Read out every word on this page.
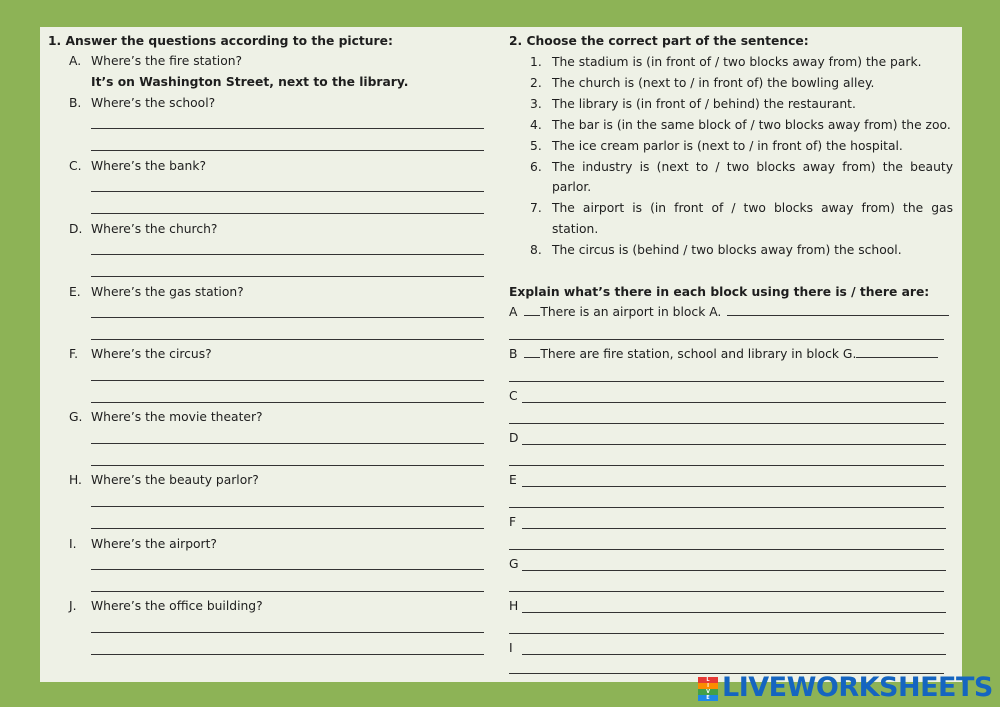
1. Answer the questions according to the picture:
A. Where’s the fire station?
It’s on Washington Street, next to the library.
B. Where’s the school?
C. Where’s the bank?
D. Where’s the church?
E. Where’s the gas station?
F. Where’s the circus?
G. Where’s the movie theater?
H. Where’s the beauty parlor?
I. Where’s the airport?
J. Where’s the office building?
2. Choose the correct part of the sentence:
1. The stadium is (in front of / two blocks away from) the park.
2. The church is (next to / in front of) the bowling alley.
3. The library is (in front of / behind) the restaurant.
4. The bar is (in the same block of / two blocks away from) the zoo.
5. The ice cream parlor is (next to / in front of) the hospital.
6. The industry is (next to / two blocks away from) the beauty
parlor.
7. The airport is (in front of / two blocks away from) the gas
station.
8. The circus is (behind / two blocks away from) the school.
Explain what’s there in each block using there is / there are:
A There is an airport in block A.
B There are fire station, school and library in block G.
C
D
E
F
G
H
I
L
I
V
E LIVEWORKSHEETS
